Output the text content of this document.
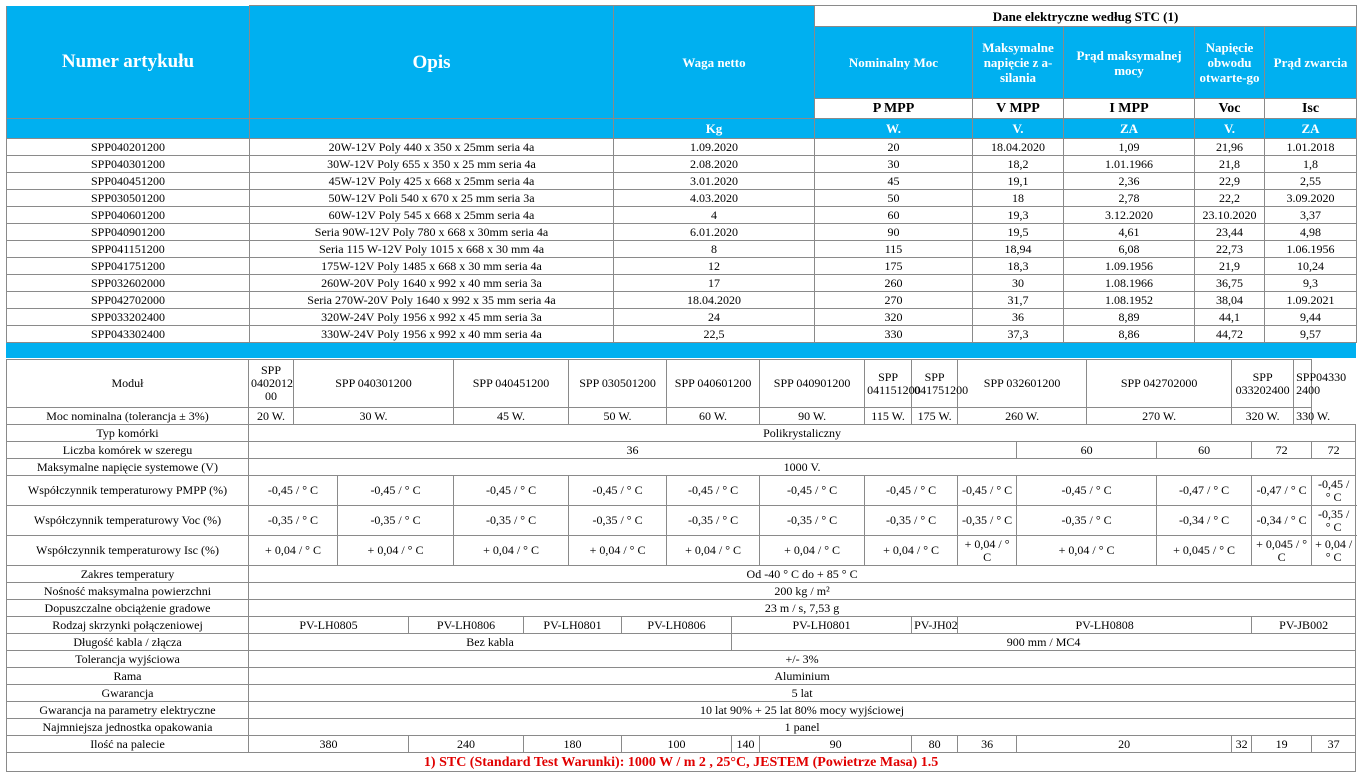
Numer artykułu	Opis	Waga netto	Dane elektryczne według STC (1)				
			Nominalny Moc	Maksymalne napięcie z a-silania	Prąd maksymalnej mocy	Napięcie obwodu otwarte-go	Prąd zwarcia
			P MPP	V MPP	I MPP	Voc	Isc
		Kg	W.	V.	ZA	V.	ZA
SPP040201200	20W-12V Poly 440 x 350 x 25mm seria 4a	1.09.2020	20	18.04.2020	1,09	21,96	1.01.2018
SPP040301200	30W-12V Poly 655 x 350 x 25 mm seria 4a	2.08.2020	30	18,2	1.01.1966	21,8	1,8
SPP040451200	45W-12V Poly 425 x 668 x 25mm seria 4a	3.01.2020	45	19,1	2,36	22,9	2,55
SPP030501200	50W-12V Poli 540 x 670 x 25 mm seria 3a	4.03.2020	50	18	2,78	22,2	3.09.2020
SPP040601200	60W-12V Poly 545 x 668 x 25mm seria 4a	4	60	19,3	3.12.2020	23.10.2020	3,37
SPP040901200	Seria 90W-12V Poly 780 x 668 x 30mm seria 4a	6.01.2020	90	19,5	4,61	23,44	4,98
SPP041151200	Seria 115 W-12V Poly 1015 x 668 x 30 mm 4a	8	115	18,94	6,08	22,73	1.06.1956
SPP041751200	175W-12V Poly 1485 x 668 x 30 mm seria 4a	12	175	18,3	1.09.1956	21,9	10,24
SPP032602000	260W-20V Poly 1640 x 992 x 40 mm seria 3a	17	260	30	1.08.1966	36,75	9,3
SPP042702000	Seria 270W-20V Poly 1640 x 992 x 35 mm seria 4a	18.04.2020	270	31,7	1.08.1952	38,04	1.09.2021
SPP033202400	320W-24V Poly 1956 x 992 x 45 mm seria 3a	24	320	36	8,89	44,1	9,44
SPP043302400	330W-24V Poly 1956 x 992 x 40 mm seria 4a	22,5	330	37,3	8,86	44,72	9,57
Moduł	SPP 0402012 00	SPP 040301200			SPP 040451200		SPP 030501200		SPP 040601200		SPP 040901200	SPP 041151200	SPP 041751200	SPP 032601200		SPP 042702000		SPP 033202400		SPP04330 2400	
Moc nominalna (tolerancja ± 3%)	20 W.	30 W.			45 W.		50 W.		60 W.		90 W.	115 W.	175 W.	260 W.		270 W.		320 W.		330 W.	
Typ komórki	Polikrystaliczny																				
Liczba komórek w szeregu	36														60		60		72		72
Maksymalne napięcie systemowe (V)	1000 V.																				
Współczynnik temperaturowy PMPP (%)	-0,45 / ° C		-0,45 / ° C		-0,45 / ° C		-0,45 / ° C		-0,45 / ° C		-0,45 / ° C	-0,45 / ° C		-0,45 / ° C	-0,45 / ° C		-0,47 / ° C		-0,47 / ° C		-0,45 / ° C
Współczynnik temperaturowy Voc (%)	-0,35 / ° C		-0,35 / ° C		-0,35 / ° C		-0,35 / ° C		-0,35 / ° C		-0,35 / ° C	-0,35 / ° C		-0,35 / ° C	-0,35 / ° C		-0,34 / ° C		-0,34 / ° C		-0,35 / ° C
Współczynnik temperaturowy Isc (%)	+ 0,04 / ° C		+ 0,04 / ° C		+ 0,04 / ° C		+ 0,04 / ° C		+ 0,04 / ° C		+ 0,04 / ° C	+ 0,04 / ° C		+ 0,04 / ° C	+ 0,04 / ° C		+ 0,045 / ° C		+ 0,045 / ° C		+ 0,04 / ° C
Zakres temperatury	Od -40 ° C do + 85 ° C																				
Nośność maksymalna powierzchni	200 kg / m²																				
Dopuszczalne obciążenie gradowe	23 m / s, 7,53 g																				
Rodzaj skrzynki połączeniowej	PV-LH0805			PV-LH0806		PV-LH0801		PV-LH0806		PV-LH0801			PV-JH02	PV-LH0808					PV-JB002		
Długość kabla / złącza	Bez kabla									900 mm / MC4											
Tolerancja wyjściowa	+/- 3%																				
Rama	Aluminium																				
Gwarancja	5 lat																				
Gwarancja na parametry elektryczne	10 lat 90% + 25 lat 80% mocy wyjściowej																				
Najmniejsza jednostka opakowania	1 panel																				
Ilość na palecie	380			240		180		100		140	90		80	36	20			32	19		37
1) STC (Standard Test Warunki): 1000 W / m 2 , 25°C, JESTEM (Powietrze Masa) 1.5																					
